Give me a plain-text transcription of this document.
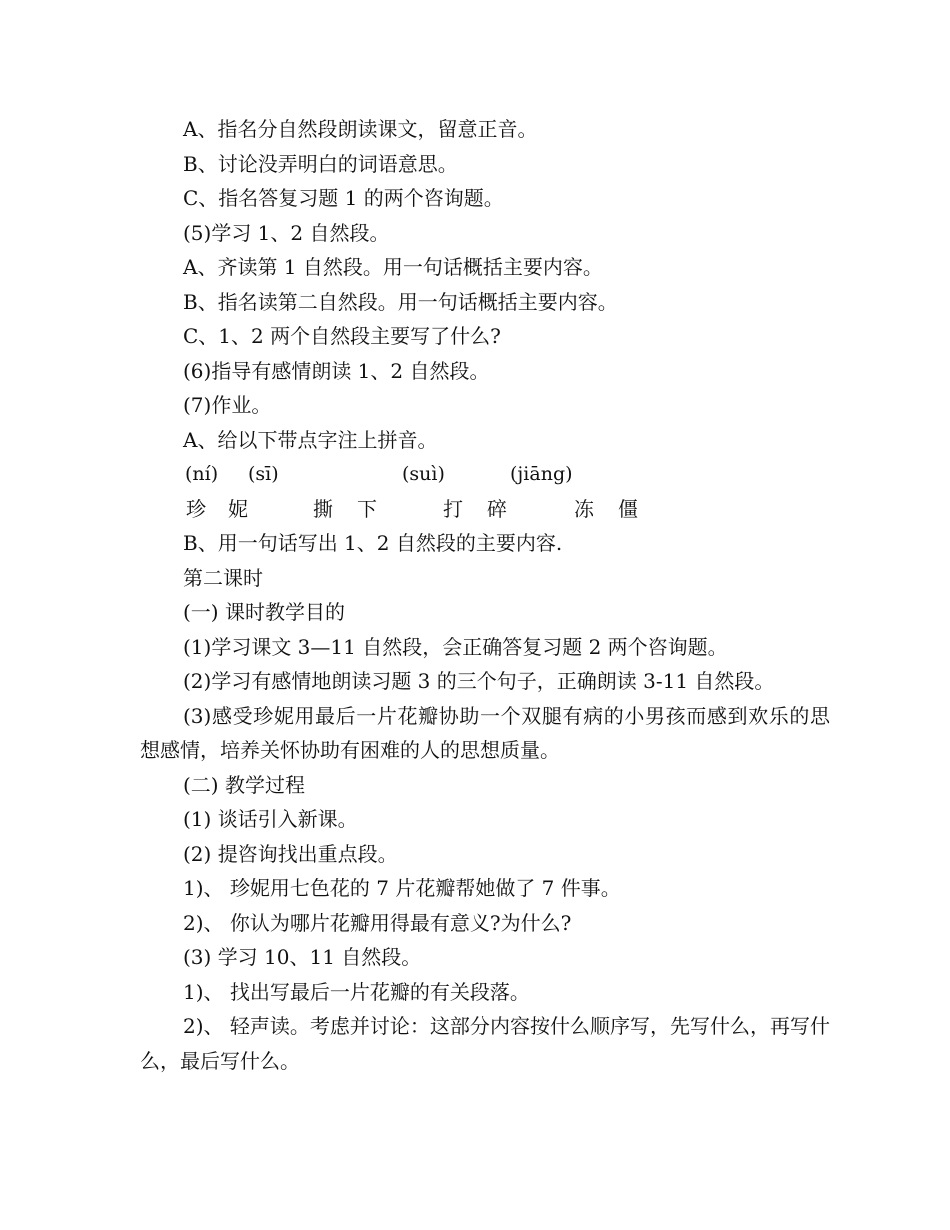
A、指名分自然段朗读课文，留意正音。

B、讨论没弄明白的词语意思。

C、指名答复习题 1 的两个咨询题。

(5)学习 1、2 自然段。

A、齐读第 1 自然段。用一句话概括主要内容。

B、指名读第二自然段。用一句话概括主要内容。

C、1、2 两个自然段主要写了什么?

(6)指导有感情朗读 1、2 自然段。

(7)作业。

A、给以下带点字注上拼音。

(ní) (sī)	(suì)	(jiāng)
珍 妮	撕 下	打 碎	冻 僵

B、用一句话写出 1、2 自然段的主要内容.

第二课时

(一) 课时教学目的

(1)学习课文 3—11 自然段，会正确答复习题 2 两个咨询题。

(2)学习有感情地朗读习题 3 的三个句子，正确朗读 3-11 自然段。

(3)感受珍妮用最后一片花瓣协助一个双腿有病的小男孩而感到欢乐的思想感情，培养关怀协助有困难的人的思想质量。

(二) 教学过程

(1) 谈话引入新课。

(2) 提咨询找出重点段。

1)、 珍妮用七色花的 7 片花瓣帮她做了 7 件事。

2)、 你认为哪片花瓣用得最有意义?为什么?

(3) 学习 10、11 自然段。

1)、 找出写最后一片花瓣的有关段落。

2)、 轻声读。考虑并讨论：这部分内容按什么顺序写，先写什么，再写什么，最后写什么。
